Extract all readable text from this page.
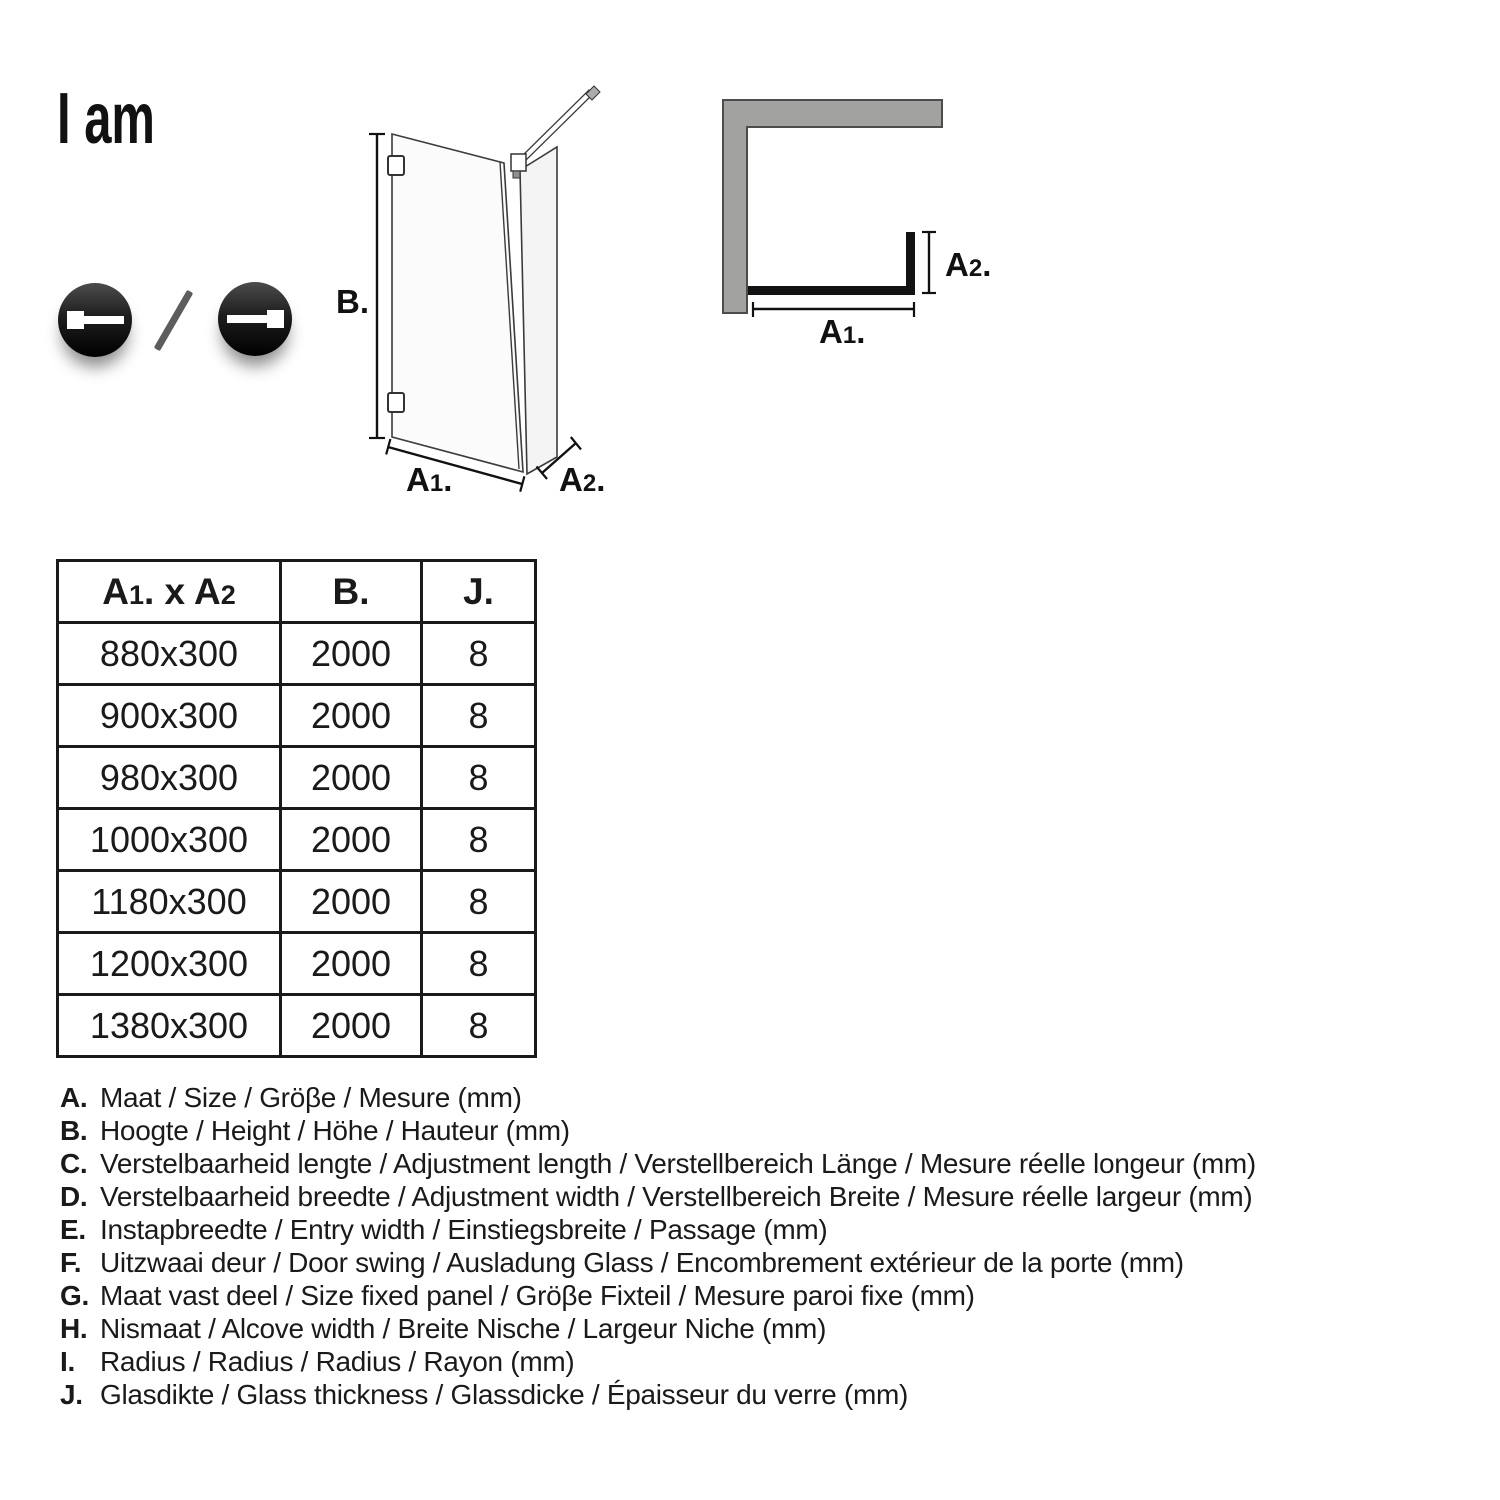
I am
B.
A1.	A2.
A2.
A1.
A1. x A2	B.	J.
880x300	2000	8
900x300	2000	8
980x300	2000	8
1000x300	2000	8
1180x300	2000	8
1200x300	2000	8
1380x300	2000	8
A. Maat / Size / Gröβe / Mesure (mm)
B. Hoogte / Height / Höhe / Hauteur (mm)
C. Verstelbaarheid lengte / Adjustment length / Verstellbereich Länge / Mesure réelle longeur (mm)
D. Verstelbaarheid breedte / Adjustment width / Verstellbereich Breite / Mesure réelle largeur (mm)
E. Instapbreedte / Entry width / Einstiegsbreite / Passage (mm)
F. Uitzwaai deur / Door swing / Ausladung Glass / Encombrement extérieur de la porte (mm)
G. Maat vast deel / Size fixed panel / Gröβe Fixteil / Mesure paroi fixe (mm)
H. Nismaat / Alcove width / Breite Nische / Largeur Niche (mm)
I. Radius / Radius / Radius / Rayon (mm)
J. Glasdikte / Glass thickness / Glassdicke / Épaisseur du verre (mm)
